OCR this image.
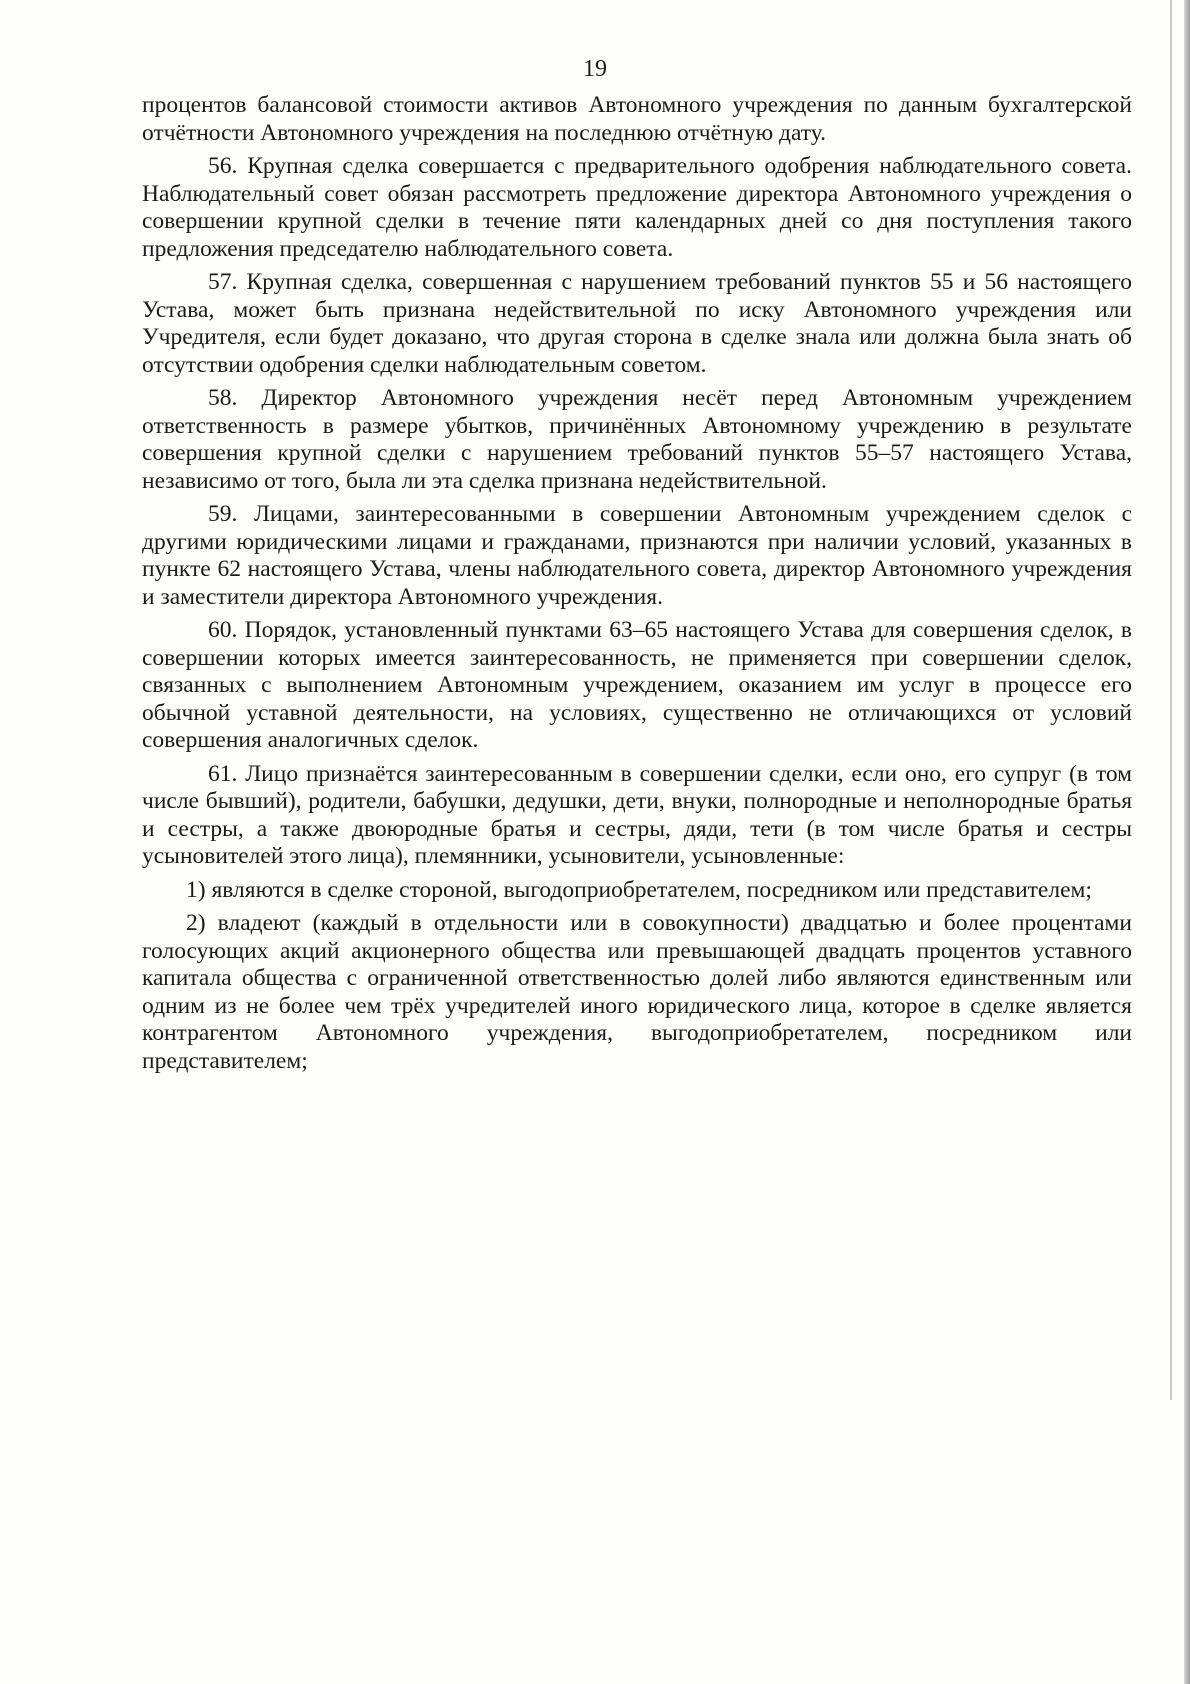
19

процентов балансовой стоимости активов Автономного учреждения по данным бухгалтерской отчётности Автономного учреждения на последнюю отчётную дату.

56. Крупная сделка совершается с предварительного одобрения наблюдательного совета. Наблюдательный совет обязан рассмотреть предложение директора Автономного учреждения о совершении крупной сделки в течение пяти календарных дней со дня поступления такого предложения председателю наблюдательного совета.

57. Крупная сделка, совершенная с нарушением требований пунктов 55 и 56 настоящего Устава, может быть признана недействительной по иску Автономного учреждения или Учредителя, если будет доказано, что другая сторона в сделке знала или должна была знать об отсутствии одобрения сделки наблюдательным советом.

58. Директор Автономного учреждения несёт перед Автономным учреждением ответственность в размере убытков, причинённых Автономному учреждению в результате совершения крупной сделки с нарушением требований пунктов 55–57 настоящего Устава, независимо от того, была ли эта сделка признана недействительной.

59. Лицами, заинтересованными в совершении Автономным учреждением сделок с другими юридическими лицами и гражданами, признаются при наличии условий, указанных в пункте 62 настоящего Устава, члены наблюдательного совета, директор Автономного учреждения и заместители директора Автономного учреждения.

60. Порядок, установленный пунктами 63–65 настоящего Устава для совершения сделок, в совершении которых имеется заинтересованность, не применяется при совершении сделок, связанных с выполнением Автономным учреждением, оказанием им услуг в процессе его обычной уставной деятельности, на условиях, существенно не отличающихся от условий совершения аналогичных сделок.

61. Лицо признаётся заинтересованным в совершении сделки, если оно, его супруг (в том числе бывший), родители, бабушки, дедушки, дети, внуки, полнородные и неполнородные братья и сестры, а также двоюродные братья и сестры, дяди, тети (в том числе братья и сестры усыновителей этого лица), племянники, усыновители, усыновленные:

1) являются в сделке стороной, выгодоприобретателем, посредником или представителем;

2) владеют (каждый в отдельности или в совокупности) двадцатью и более процентами голосующих акций акционерного общества или превышающей двадцать процентов уставного капитала общества с ограниченной ответственностью долей либо являются единственным или одним из не более чем трёх учредителей иного юридического лица, которое в сделке является контрагентом Автономного учреждения, выгодоприобретателем, посредником или представителем;
